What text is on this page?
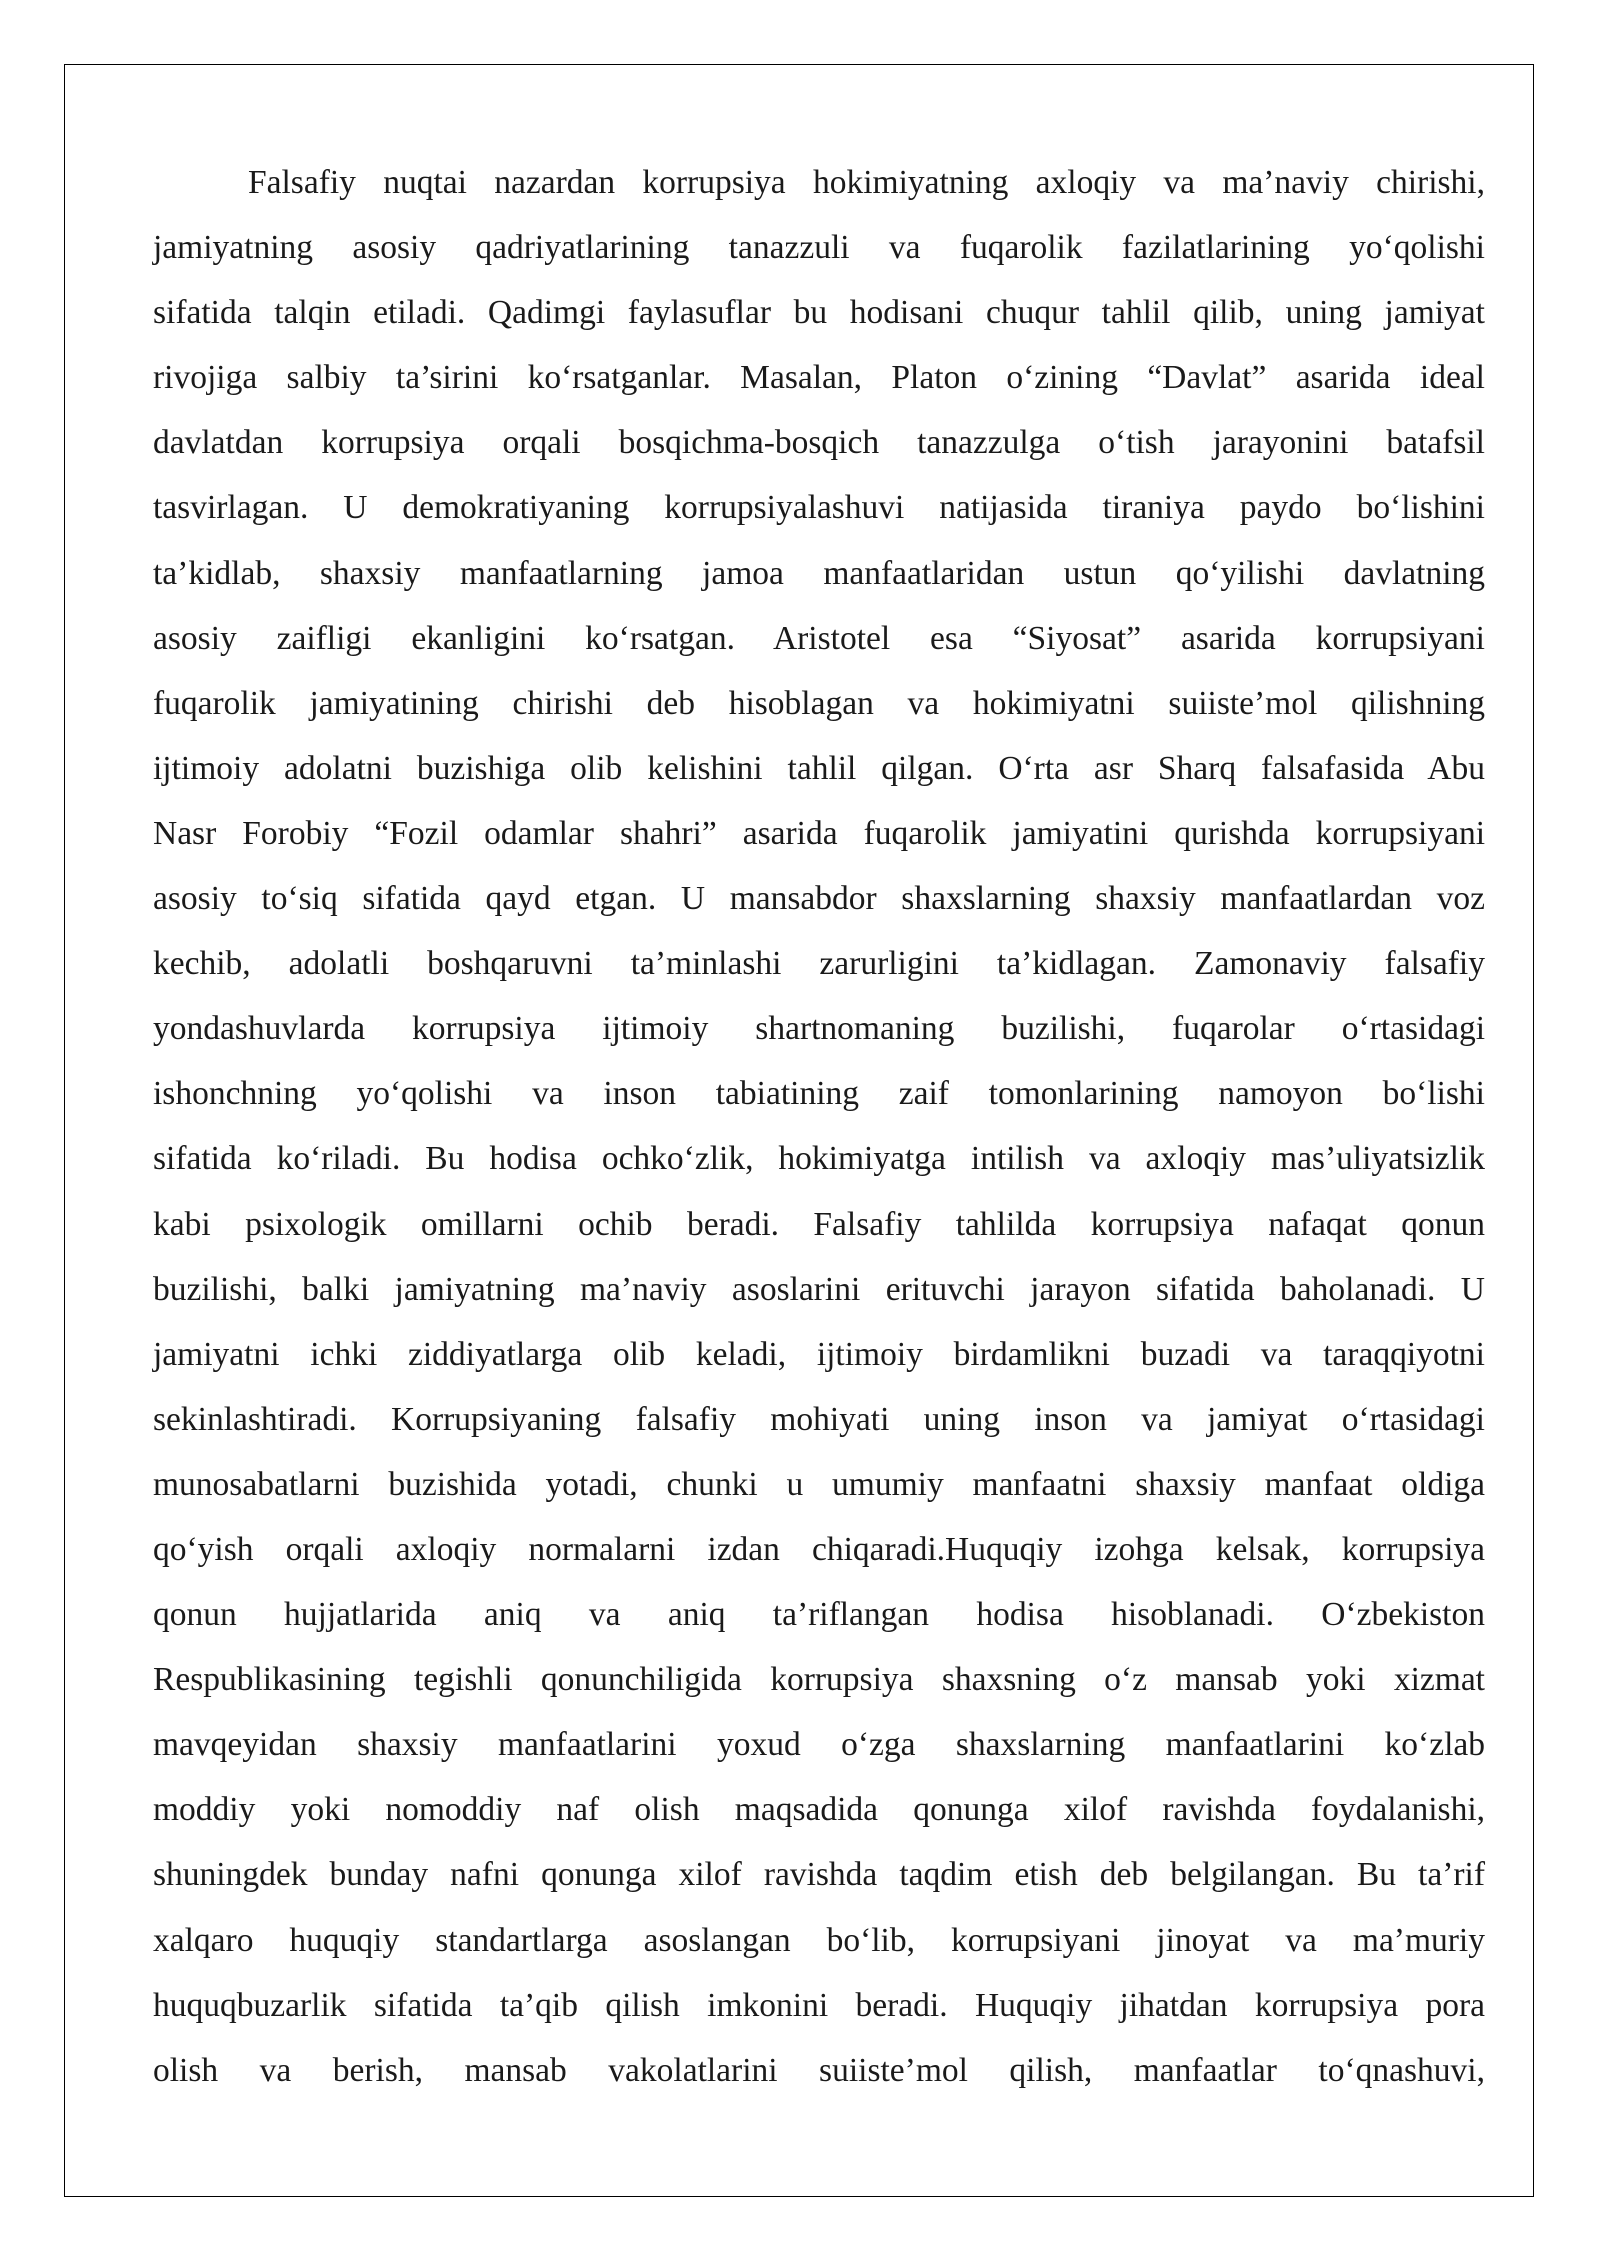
Falsafiy nuqtai nazardan korrupsiya hokimiyatning axloqiy va ma’naviy chirishi,
jamiyatning asosiy qadriyatlarining tanazzuli va fuqarolik fazilatlarining yo‘qolishi
sifatida talqin etiladi. Qadimgi faylasuflar bu hodisani chuqur tahlil qilib, uning jamiyat
rivojiga salbiy ta’sirini ko‘rsatganlar. Masalan, Platon o‘zining “Davlat” asarida ideal
davlatdan korrupsiya orqali bosqichma-bosqich tanazzulga o‘tish jarayonini batafsil
tasvirlagan. U demokratiyaning korrupsiyalashuvi natijasida tiraniya paydo bo‘lishini
ta’kidlab, shaxsiy manfaatlarning jamoa manfaatlaridan ustun qo‘yilishi davlatning
asosiy zaifligi ekanligini ko‘rsatgan. Aristotel esa “Siyosat” asarida korrupsiyani
fuqarolik jamiyatining chirishi deb hisoblagan va hokimiyatni suiiste’mol qilishning
ijtimoiy adolatni buzishiga olib kelishini tahlil qilgan. O‘rta asr Sharq falsafasida Abu
Nasr Forobiy “Fozil odamlar shahri” asarida fuqarolik jamiyatini qurishda korrupsiyani
asosiy to‘siq sifatida qayd etgan. U mansabdor shaxslarning shaxsiy manfaatlardan voz
kechib, adolatli boshqaruvni ta’minlashi zarurligini ta’kidlagan. Zamonaviy falsafiy
yondashuvlarda korrupsiya ijtimoiy shartnomaning buzilishi, fuqarolar o‘rtasidagi
ishonchning yo‘qolishi va inson tabiatining zaif tomonlarining namoyon bo‘lishi
sifatida ko‘riladi. Bu hodisa ochko‘zlik, hokimiyatga intilish va axloqiy mas’uliyatsizlik
kabi psixologik omillarni ochib beradi. Falsafiy tahlilda korrupsiya nafaqat qonun
buzilishi, balki jamiyatning ma’naviy asoslarini erituvchi jarayon sifatida baholanadi. U
jamiyatni ichki ziddiyatlarga olib keladi, ijtimoiy birdamlikni buzadi va taraqqiyotni
sekinlashtiradi. Korrupsiyaning falsafiy mohiyati uning inson va jamiyat o‘rtasidagi
munosabatlarni buzishida yotadi, chunki u umumiy manfaatni shaxsiy manfaat oldiga
qo‘yish orqali axloqiy normalarni izdan chiqaradi.Huquqiy izohga kelsak, korrupsiya
qonun hujjatlarida aniq va aniq ta’riflangan hodisa hisoblanadi. O‘zbekiston
Respublikasining tegishli qonunchiligida korrupsiya shaxsning o‘z mansab yoki xizmat
mavqeyidan shaxsiy manfaatlarini yoxud o‘zga shaxslarning manfaatlarini ko‘zlab
moddiy yoki nomoddiy naf olish maqsadida qonunga xilof ravishda foydalanishi,
shuningdek bunday nafni qonunga xilof ravishda taqdim etish deb belgilangan. Bu ta’rif
xalqaro huquqiy standartlarga asoslangan bo‘lib, korrupsiyani jinoyat va ma’muriy
huquqbuzarlik sifatida ta’qib qilish imkonini beradi. Huquqiy jihatdan korrupsiya pora
olish va berish, mansab vakolatlarini suiiste’mol qilish, manfaatlar to‘qnashuvi,
